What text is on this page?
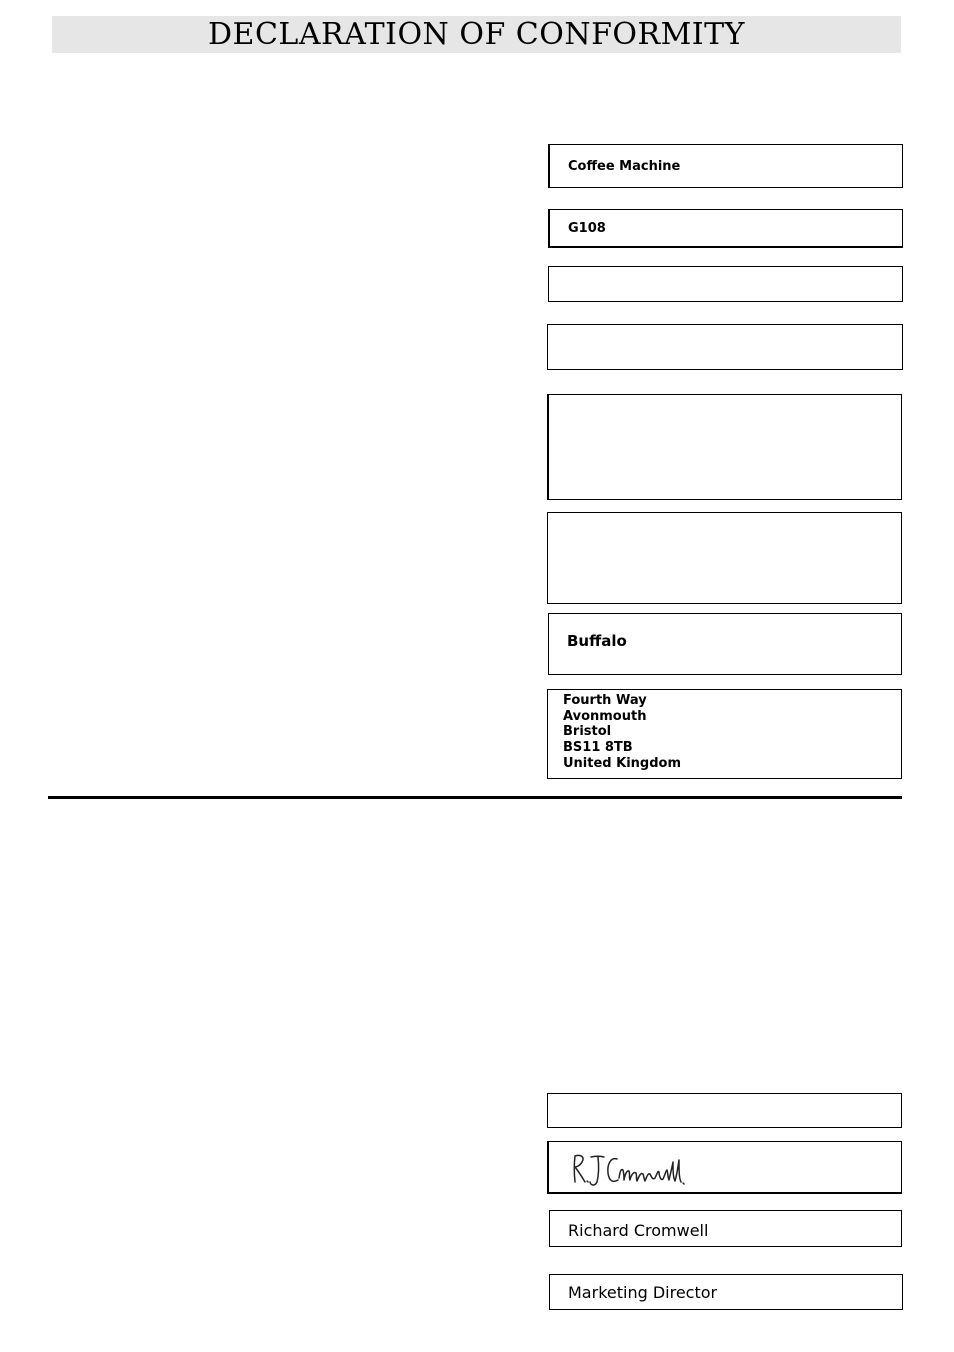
DECLARATION OF CONFORMITY
Coffee Machine
G108
Buffalo
Fourth Way
Avonmouth
Bristol
BS11 8TB
United Kingdom
Richard Cromwell
Marketing Director
